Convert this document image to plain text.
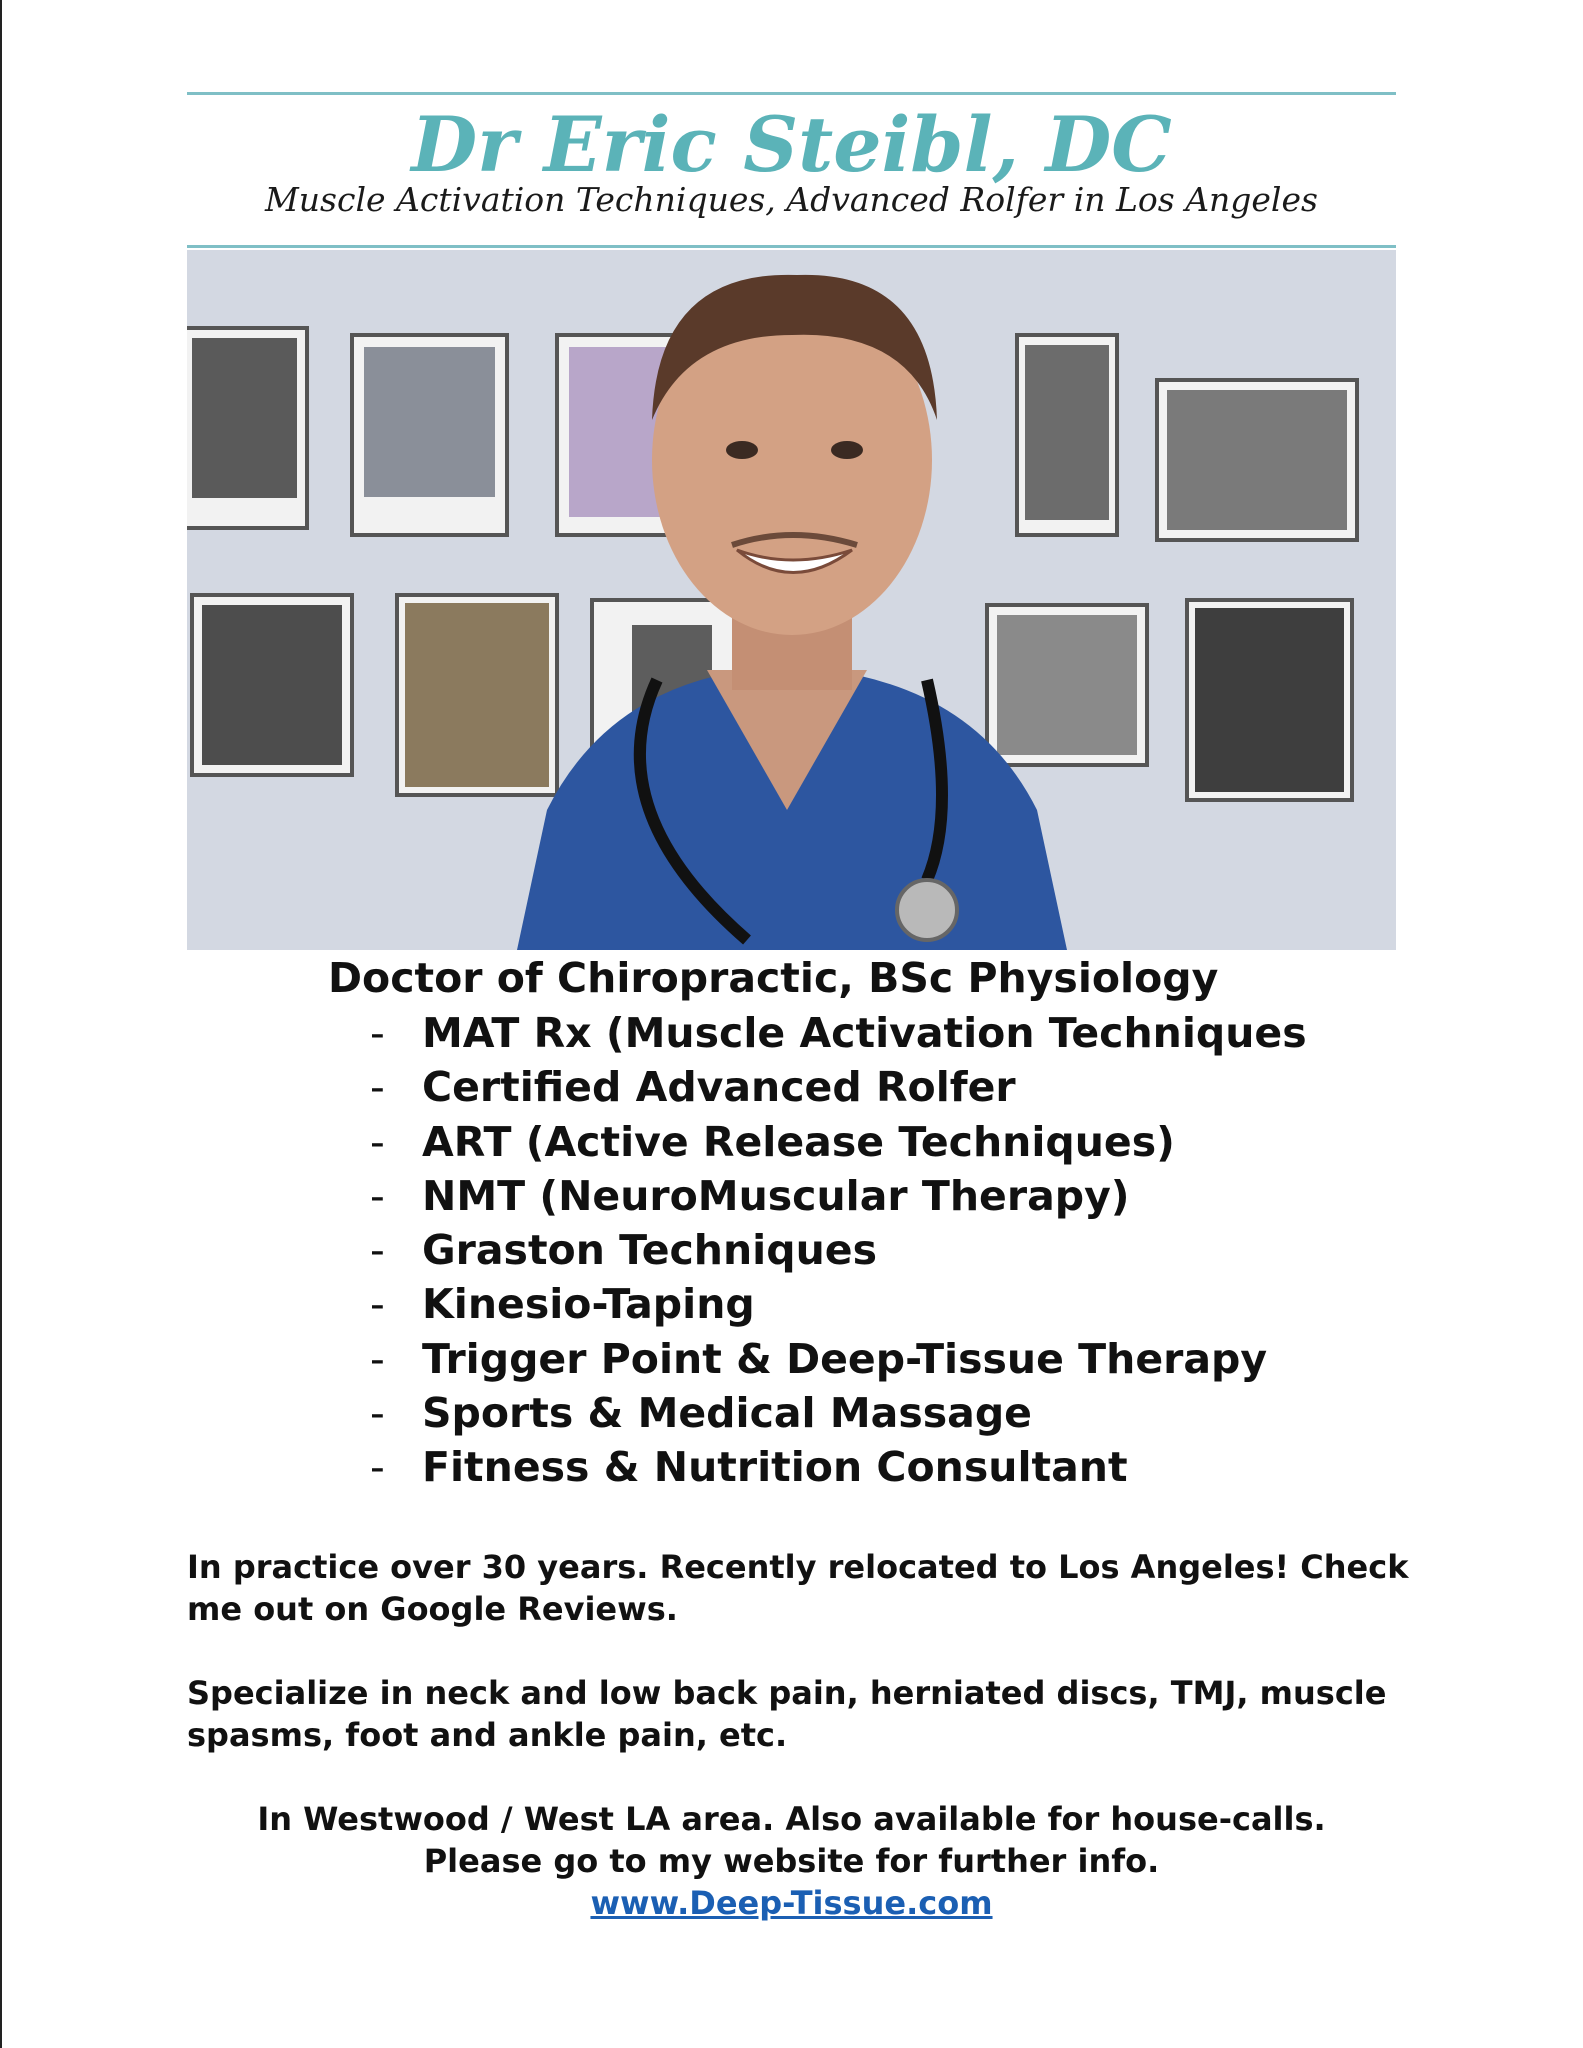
Dr Eric Steibl, DC
Muscle Activation Techniques, Advanced Rolfer in Los Angeles
Doctor of Chiropractic, BSc Physiology
- MAT Rx (Muscle Activation Techniques
- Certified Advanced Rolfer
- ART (Active Release Techniques)
- NMT (NeuroMuscular Therapy)
- Graston Techniques
- Kinesio-Taping
- Trigger Point & Deep-Tissue Therapy
- Sports & Medical Massage
- Fitness & Nutrition Consultant
In practice over 30 years. Recently relocated to Los Angeles! Check me out on Google Reviews.
Specialize in neck and low back pain, herniated discs, TMJ, muscle spasms, foot and ankle pain, etc.
In Westwood / West LA area. Also available for house-calls.
Please go to my website for further info.
www.Deep-Tissue.com
